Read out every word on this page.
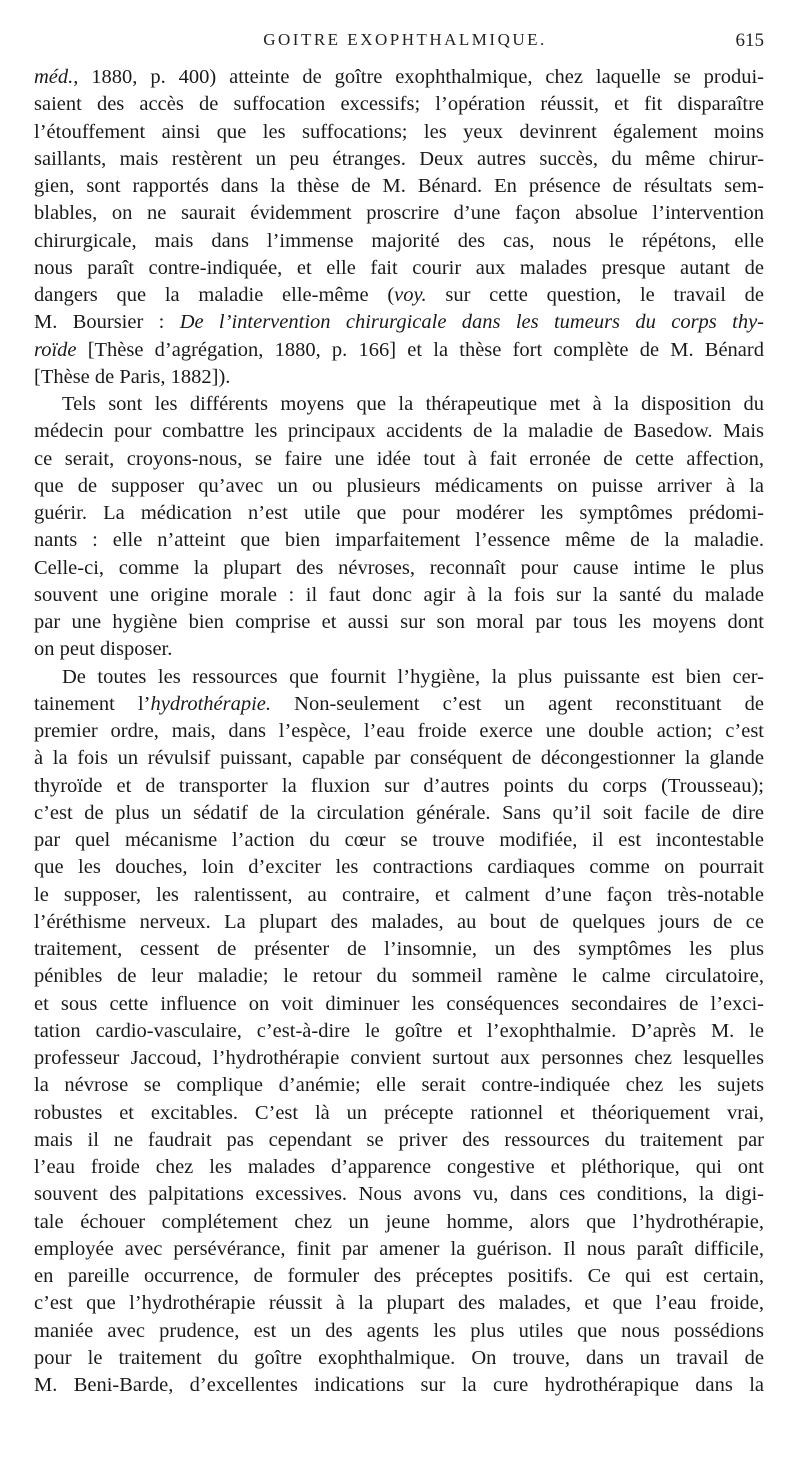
GOITRE EXOPHTHALMIQUE.	615
méd., 1880, p. 400) atteinte de goître exophthalmique, chez laquelle se produi-
saient des accès de suffocation excessifs; l’opération réussit, et fit disparaître
l’étouffement ainsi que les suffocations; les yeux devinrent également moins
saillants, mais restèrent un peu étranges. Deux autres succès, du même chirur-
gien, sont rapportés dans la thèse de M. Bénard. En présence de résultats sem-
blables, on ne saurait évidemment proscrire d’une façon absolue l’intervention
chirurgicale, mais dans l’immense majorité des cas, nous le répétons, elle
nous paraît contre-indiquée, et elle fait courir aux malades presque autant de
dangers que la maladie elle-même (voy. sur cette question, le travail de
M. Boursier : De l’intervention chirurgicale dans les tumeurs du corps thy-
roïde [Thèse d’agrégation, 1880, p. 166] et la thèse fort complète de M. Bénard
[Thèse de Paris, 1882]).
Tels sont les différents moyens que la thérapeutique met à la disposition du
médecin pour combattre les principaux accidents de la maladie de Basedow. Mais
ce serait, croyons-nous, se faire une idée tout à fait erronée de cette affection,
que de supposer qu’avec un ou plusieurs médicaments on puisse arriver à la
guérir. La médication n’est utile que pour modérer les symptômes prédomi-
nants : elle n’atteint que bien imparfaitement l’essence même de la maladie.
Celle-ci, comme la plupart des névroses, reconnaît pour cause intime le plus
souvent une origine morale : il faut donc agir à la fois sur la santé du malade
par une hygiène bien comprise et aussi sur son moral par tous les moyens dont
on peut disposer.
De toutes les ressources que fournit l’hygiène, la plus puissante est bien cer-
tainement l’hydrothérapie. Non-seulement c’est un agent reconstituant de
premier ordre, mais, dans l’espèce, l’eau froide exerce une double action; c’est
à la fois un révulsif puissant, capable par conséquent de décongestionner la glande
thyroïde et de transporter la fluxion sur d’autres points du corps (Trousseau);
c’est de plus un sédatif de la circulation générale. Sans qu’il soit facile de dire
par quel mécanisme l’action du cœur se trouve modifiée, il est incontestable
que les douches, loin d’exciter les contractions cardiaques comme on pourrait
le supposer, les ralentissent, au contraire, et calment d’une façon très-notable
l’éréthisme nerveux. La plupart des malades, au bout de quelques jours de ce
traitement, cessent de présenter de l’insomnie, un des symptômes les plus
pénibles de leur maladie; le retour du sommeil ramène le calme circulatoire,
et sous cette influence on voit diminuer les conséquences secondaires de l’exci-
tation cardio-vasculaire, c’est-à-dire le goître et l’exophthalmie. D’après M. le
professeur Jaccoud, l’hydrothérapie convient surtout aux personnes chez lesquelles
la névrose se complique d’anémie; elle serait contre-indiquée chez les sujets
robustes et excitables. C’est là un précepte rationnel et théoriquement vrai,
mais il ne faudrait pas cependant se priver des ressources du traitement par
l’eau froide chez les malades d’apparence congestive et pléthorique, qui ont
souvent des palpitations excessives. Nous avons vu, dans ces conditions, la digi-
tale échouer complétement chez un jeune homme, alors que l’hydrothérapie,
employée avec persévérance, finit par amener la guérison. Il nous paraît difficile,
en pareille occurrence, de formuler des préceptes positifs. Ce qui est certain,
c’est que l’hydrothérapie réussit à la plupart des malades, et que l’eau froide,
maniée avec prudence, est un des agents les plus utiles que nous possédions
pour le traitement du goître exophthalmique. On trouve, dans un travail de
M. Beni-Barde, d’excellentes indications sur la cure hydrothérapique dans la
